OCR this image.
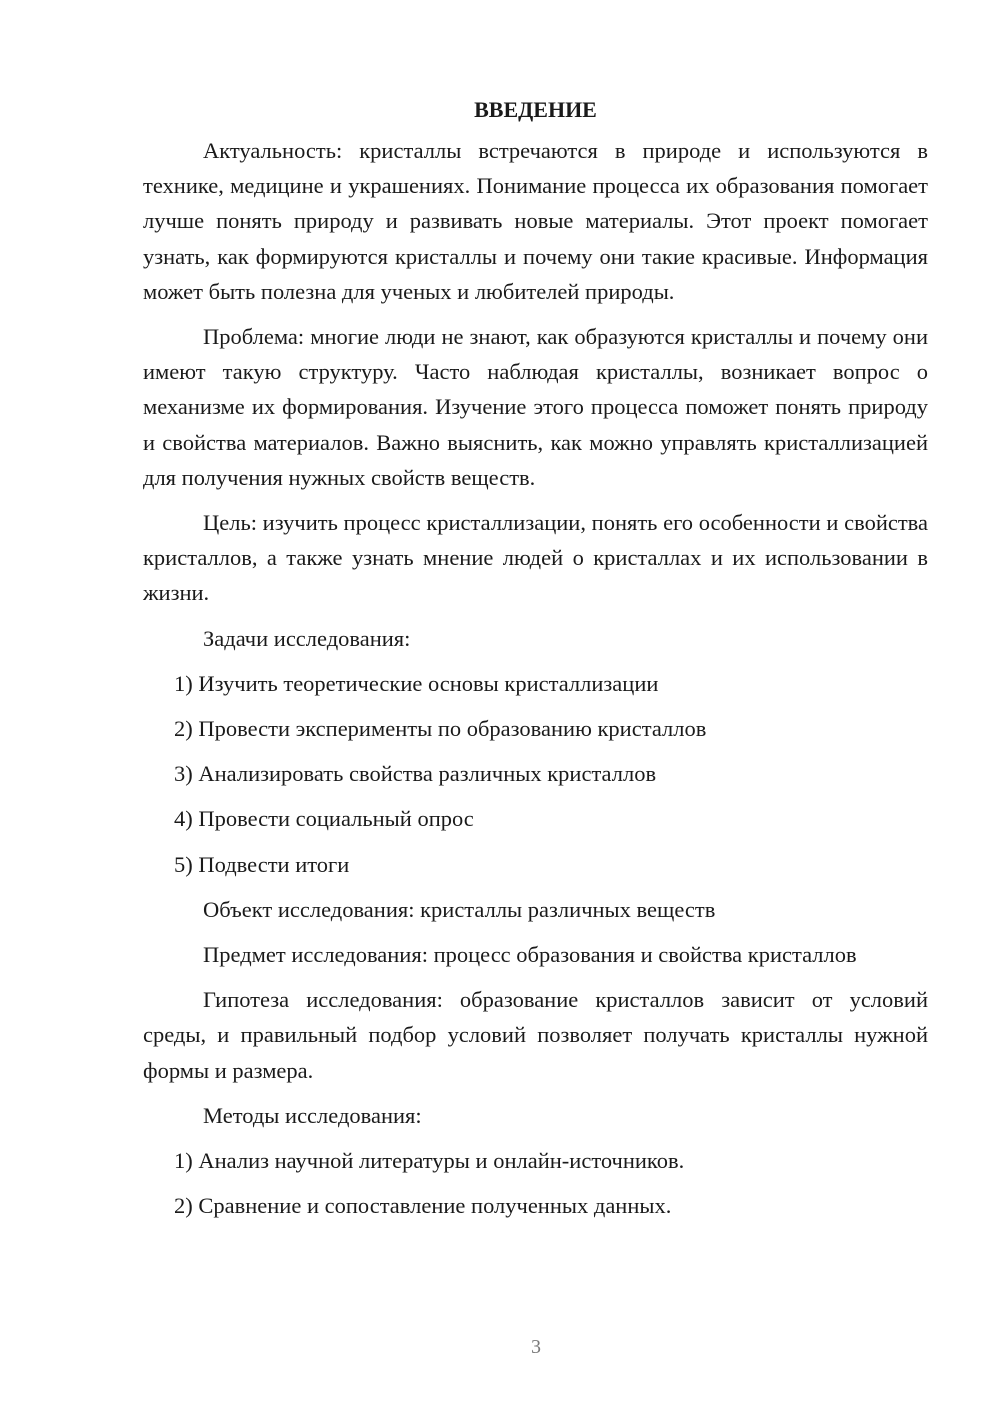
ВВЕДЕНИЕ

Актуальность: кристаллы встречаются в природе и используются в технике, медицине и украшениях. Понимание процесса их образования помогает лучше понять природу и развивать новые материалы. Этот проект помогает узнать, как формируются кристаллы и почему они такие красивые. Информация может быть полезна для ученых и любителей природы.

Проблема: многие люди не знают, как образуются кристаллы и почему они имеют такую структуру. Часто наблюдая кристаллы, возникает вопрос о механизме их формирования. Изучение этого процесса поможет понять природу и свойства материалов. Важно выяснить, как можно управлять кристаллизацией для получения нужных свойств веществ.

Цель: изучить процесс кристаллизации, понять его особенности и свойства кристаллов, а также узнать мнение людей о кристаллах и их использовании в жизни.

Задачи исследования:
1) Изучить теоретические основы кристаллизации
2) Провести эксперименты по образованию кристаллов
3) Анализировать свойства различных кристаллов
4) Провести социальный опрос
5) Подвести итоги
Объект исследования: кристаллы различных веществ
Предмет исследования: процесс образования и свойства кристаллов

Гипотеза исследования: образование кристаллов зависит от условий среды, и правильный подбор условий позволяет получать кристаллы нужной формы и размера.

Методы исследования:
1) Анализ научной литературы и онлайн-источников.
2) Сравнение и сопоставление полученных данных.
3
